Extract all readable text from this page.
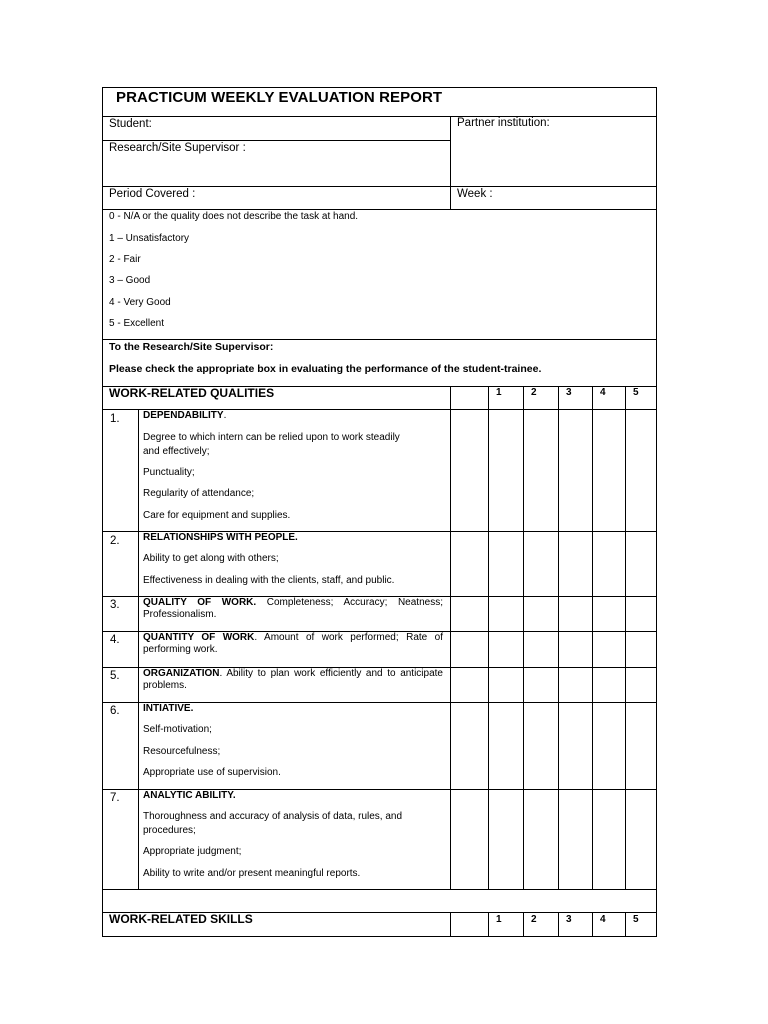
PRACTICUM WEEKLY EVALUATION REPORT
Student:	Partner institution:
Research/Site Supervisor :
Period Covered :	Week :
0 - N/A or the quality does not describe the task at hand.
1 – Unsatisfactory
2 - Fair
3 – Good
4 - Very Good
5 - Excellent
To the Research/Site Supervisor:
Please check the appropriate box in evaluating the performance of the student-trainee.
WORK-RELATED QUALITIES	1	2	3	4	5
1. DEPENDABILITY.
Degree to which intern can be relied upon to work steadily
and effectively;
Punctuality;
Regularity of attendance;
Care for equipment and supplies.
2. RELATIONSHIPS WITH PEOPLE.
Ability to get along with others;
Effectiveness in dealing with the clients, staff, and public.
3. QUALITY OF WORK. Completeness; Accuracy; Neatness; Professionalism.
4. QUANTITY OF WORK. Amount of work performed; Rate of performing work.
5. ORGANIZATION. Ability to plan work efficiently and to anticipate problems.
6. INTIATIVE.
Self-motivation;
Resourcefulness;
Appropriate use of supervision.
7. ANALYTIC ABILITY.
Thoroughness and accuracy of analysis of data, rules, and
procedures;
Appropriate judgment;
Ability to write and/or present meaningful reports.
WORK-RELATED SKILLS	1	2	3	4	5
